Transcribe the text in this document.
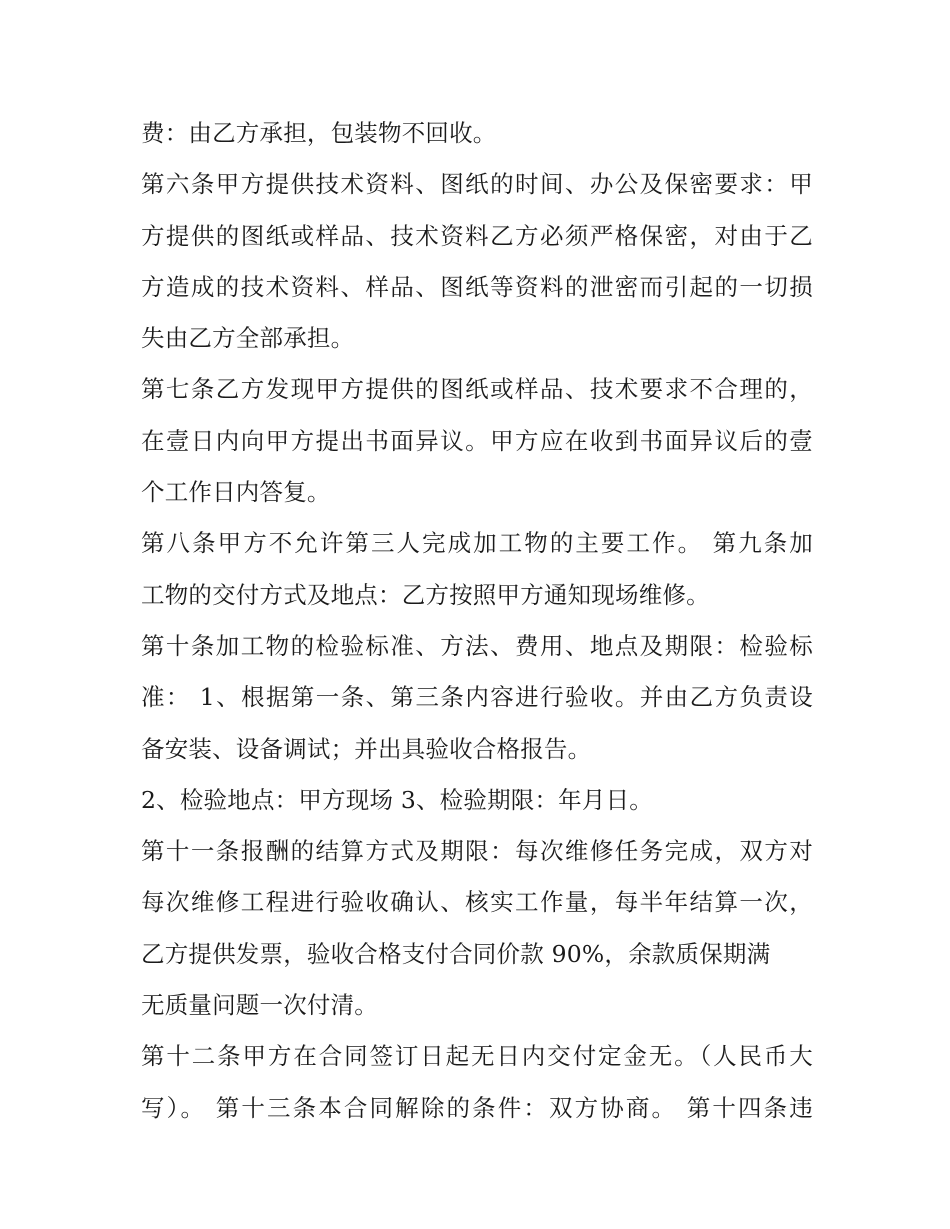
费：由乙方承担，包装物不回收。
第六条甲方提供技术资料、图纸的时间、办公及保密要求：甲
方提供的图纸或样品、技术资料乙方必须严格保密，对由于乙
方造成的技术资料、样品、图纸等资料的泄密而引起的一切损
失由乙方全部承担。
第七条乙方发现甲方提供的图纸或样品、技术要求不合理的，
在壹日内向甲方提出书面异议。甲方应在收到书面异议后的壹
个工作日内答复。
第八条甲方不允许第三人完成加工物的主要工作。 第九条加
工物的交付方式及地点：乙方按照甲方通知现场维修。
第十条加工物的检验标准、方法、费用、地点及期限：检验标
准： 1、根据第一条、第三条内容进行验收。并由乙方负责设
备安装、设备调试；并出具验收合格报告。
2、检验地点：甲方现场 3、检验期限：年月日。
第十一条报酬的结算方式及期限：每次维修任务完成，双方对
每次维修工程进行验收确认、核实工作量，每半年结算一次，
乙方提供发票，验收合格支付合同价款 90%，余款质保期满
无质量问题一次付清。
第十二条甲方在合同签订日起无日内交付定金无。（人民币大
写）。 第十三条本合同解除的条件：双方协商。 第十四条违
